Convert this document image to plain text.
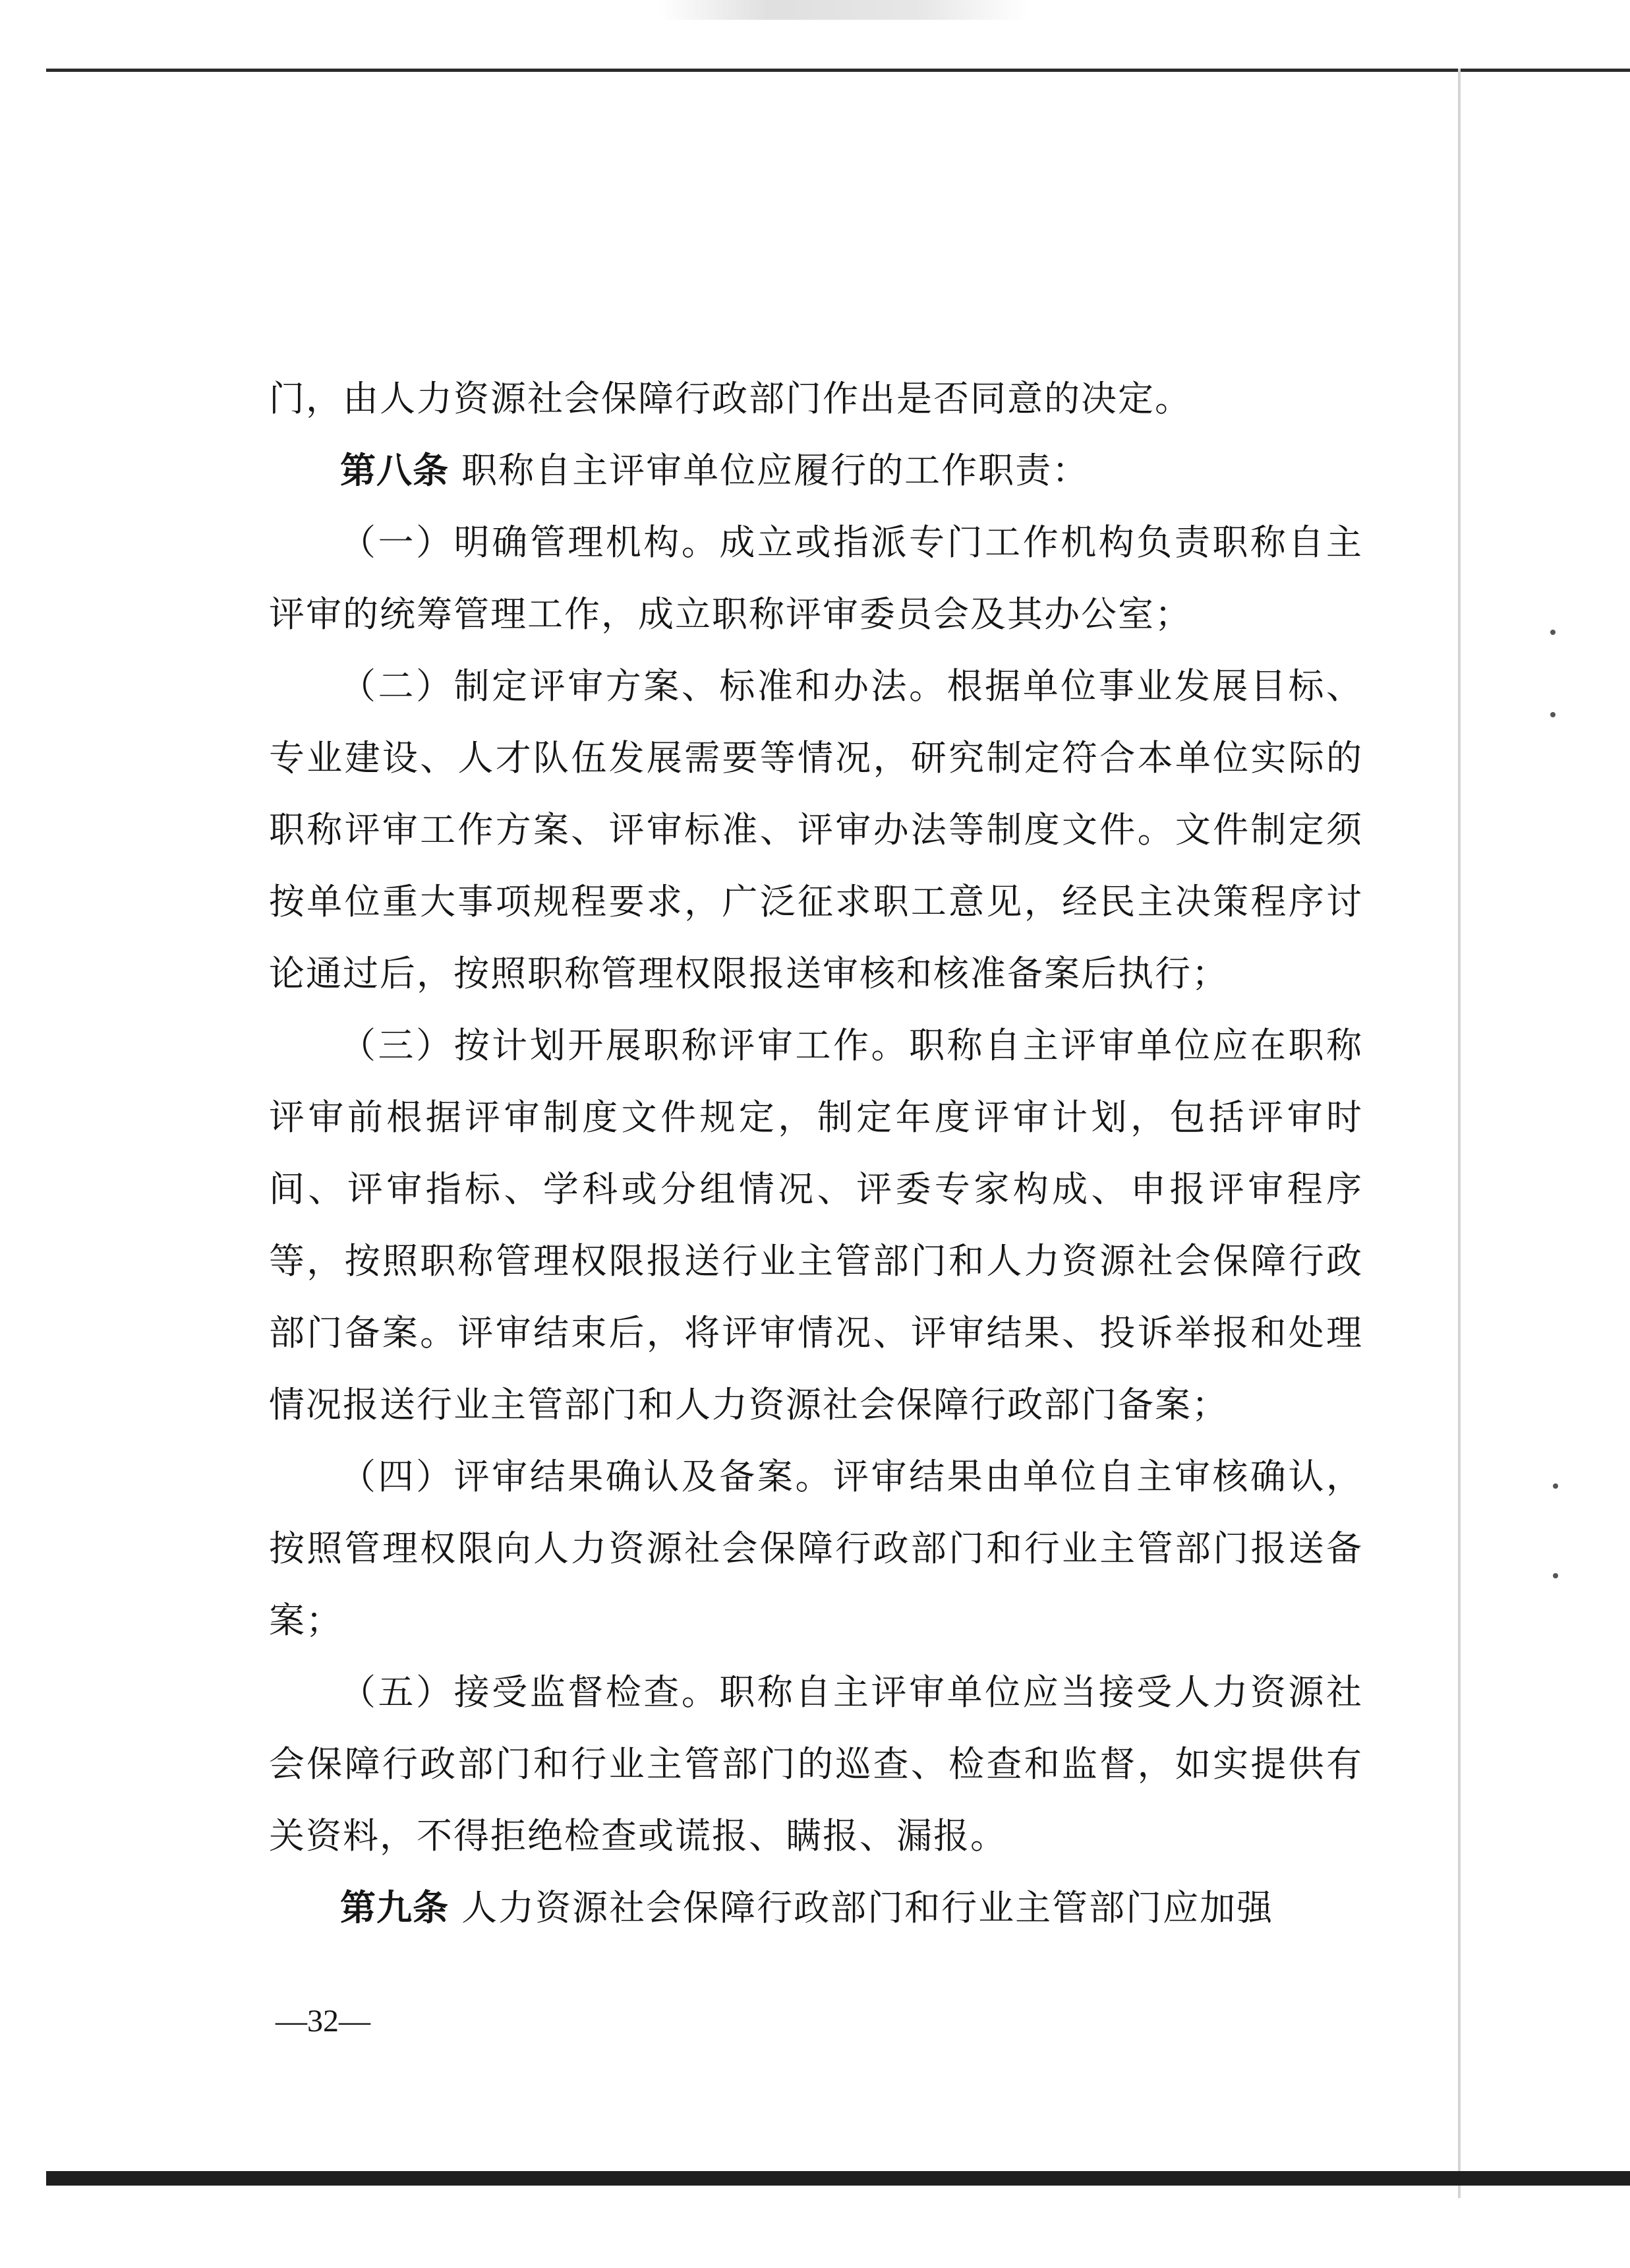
门，由人力资源社会保障行政部门作出是否同意的决定。

第八条 职称自主评审单位应履行的工作职责：

（一）明确管理机构。成立或指派专门工作机构负责职称自主评审的统筹管理工作，成立职称评审委员会及其办公室；

（二）制定评审方案、标准和办法。根据单位事业发展目标、专业建设、人才队伍发展需要等情况，研究制定符合本单位实际的职称评审工作方案、评审标准、评审办法等制度文件。文件制定须按单位重大事项规程要求，广泛征求职工意见，经民主决策程序讨论通过后，按照职称管理权限报送审核和核准备案后执行；

（三）按计划开展职称评审工作。职称自主评审单位应在职称评审前根据评审制度文件规定，制定年度评审计划，包括评审时间、评审指标、学科或分组情况、评委专家构成、申报评审程序等，按照职称管理权限报送行业主管部门和人力资源社会保障行政部门备案。评审结束后，将评审情况、评审结果、投诉举报和处理情况报送行业主管部门和人力资源社会保障行政部门备案；

（四）评审结果确认及备案。评审结果由单位自主审核确认，按照管理权限向人力资源社会保障行政部门和行业主管部门报送备案；

（五）接受监督检查。职称自主评审单位应当接受人力资源社会保障行政部门和行业主管部门的巡查、检查和监督，如实提供有关资料，不得拒绝检查或谎报、瞒报、漏报。

第九条 人力资源社会保障行政部门和行业主管部门应加强

—32—
